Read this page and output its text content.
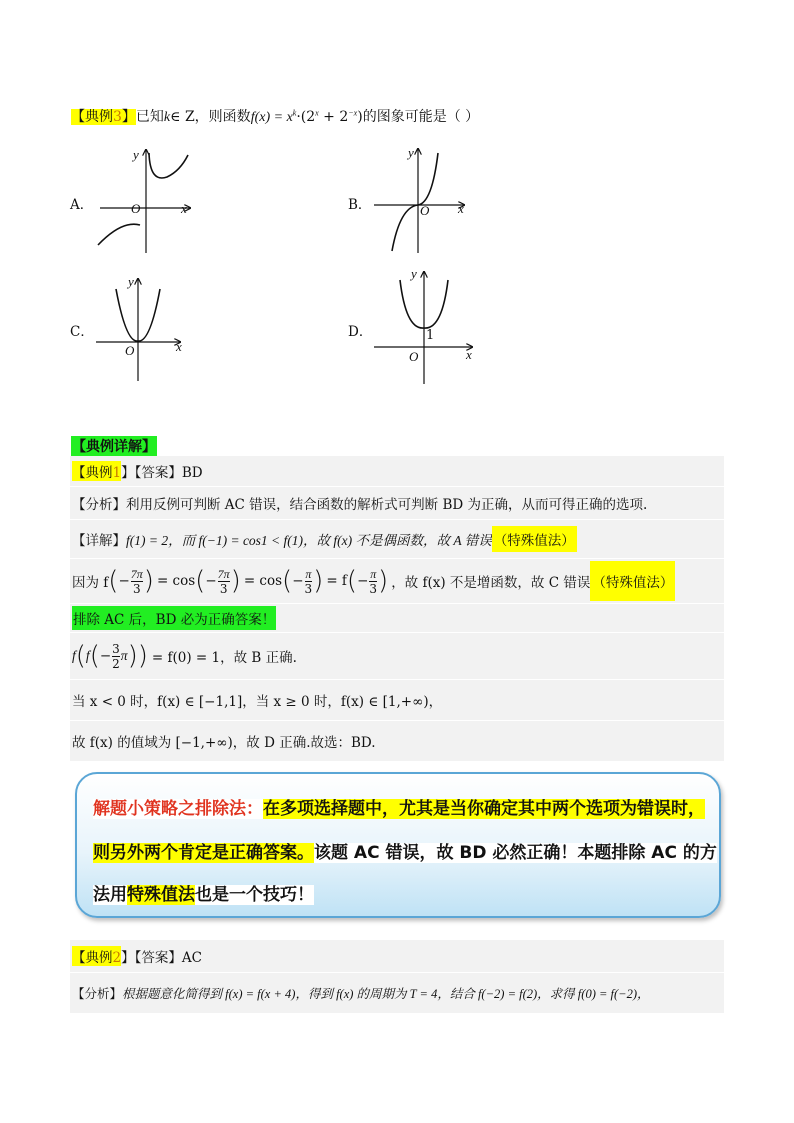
【典例3】已知k∈ Z，则函数$f(x) = x^k\cdot(2^x + 2^{-x})$的图象可能是（ ）
A．	B．
C．	D．
y
O	x
y
O x
y
O	x
y
1
O	x
【典例详解】
【典例1 】【答案】BD
【分析】 利用反例可判断 AC 错误，结合函数的解析式可判断 BD 为正确，从而可得正确的选项.
【详解】 f(1) = 2，而 f(−1) = cos1 < f(1)，故 f(x) 不是偶函数，故 A 错误 （特殊值法）
因为 f ( − $\frac{7\pi}{3}$ ) = cos ( − $\frac{7\pi}{3}$ ) = cos ( − $\frac{\pi}{3}$ ) = f ( − $\frac{\pi}{3}$ ) ，故 f(x) 不是增函数，故 C 错误 （特殊值法）
排除 AC 后，BD 必为正确答案！
f ( f ( − $\frac{3}{2}$ π ) ) = f(0) = 1，故 B 正确.
当 x < 0 时，f(x) ∈ [−1,1]，当 x ≥ 0 时，f(x) ∈ [1,+∞)，
故 f(x) 的值域为 [−1,+∞)，故 D 正确.故选：BD.
解题小策略之排除法：在多项选择题中，尤其是当你确定其中两个选项为错误时，
则另外两个肯定是正确答案。该题 AC 错误，故 BD 必然正确！本题排除 AC 的方
法用特殊值法也是一个技巧！
【典例2 】【答案】AC
【分析】 根据题意化简得到 f(x) = f(x + 4)，得到 f(x) 的周期为 T = 4，结合 f(−2) = f(2)，求得 f(0) = f(−2)，
